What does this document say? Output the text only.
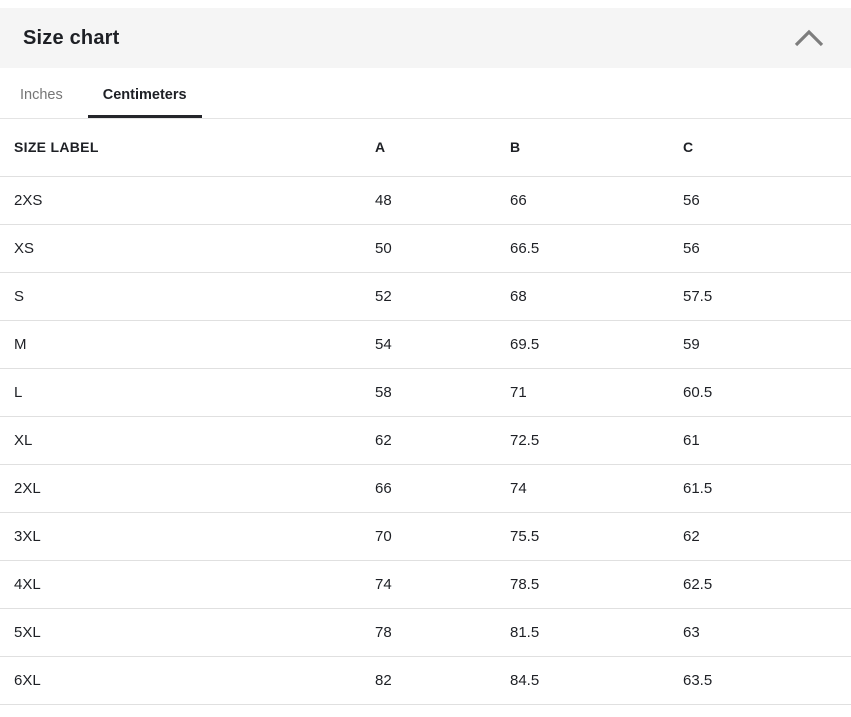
Size chart
Inches	Centimeters
SIZE LABEL	A	B	C
2XS	48	66	56
XS	50	66.5	56
S	52	68	57.5
M	54	69.5	59
L	58	71	60.5
XL	62	72.5	61
2XL	66	74	61.5
3XL	70	75.5	62
4XL	74	78.5	62.5
5XL	78	81.5	63
6XL	82	84.5	63.5
